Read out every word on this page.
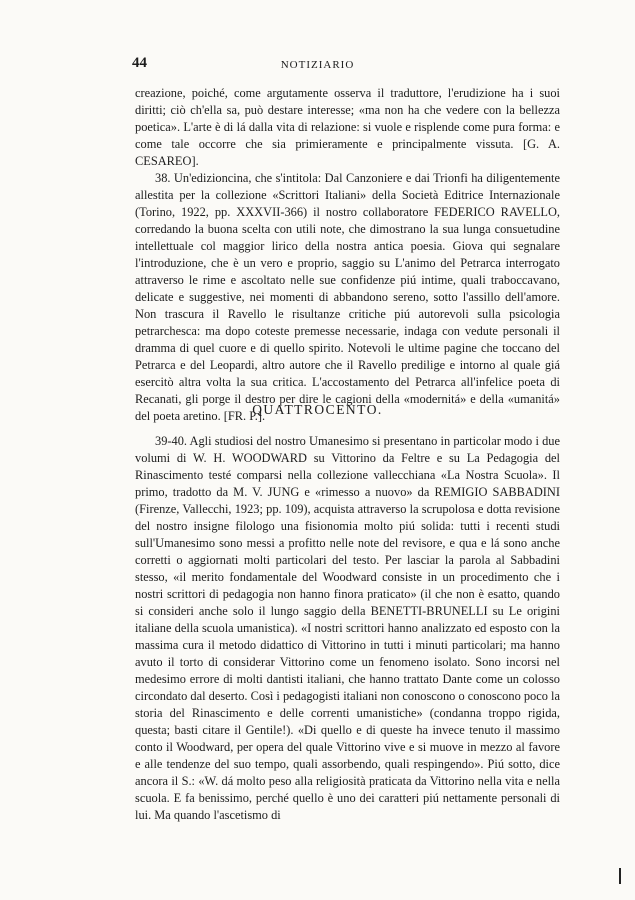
44	NOTIZIARIO

creazione, poiché, come argutamente osserva il traduttore, l'erudizione ha i suoi diritti; ciò ch'ella sa, può destare interesse; «ma non ha che vedere con la bellezza poetica». L'arte è di lá dalla vita di relazione: si vuole e risplende come pura forma: e come tale occorre che sia primieramente e principalmente vissuta. [G. A. CESAREO].

38. Un'edizioncina, che s'intitola: Dal Canzoniere e dai Trionfi ha diligentemente allestita per la collezione «Scrittori Italiani» della Società Editrice Internazionale (Torino, 1922, pp. XXXVII-366) il nostro collaboratore FEDERICO RAVELLO, corredando la buona scelta con utili note, che dimostrano la sua lunga consuetudine intellettuale col maggior lirico della nostra antica poesia. Giova qui segnalare l'introduzione, che è un vero e proprio, saggio su L'animo del Petrarca interrogato attraverso le rime e ascoltato nelle sue confidenze piú intime, quali traboccavano, delicate e suggestive, nei momenti di abbandono sereno, sotto l'assillo dell'amore. Non trascura il Ravello le risultanze critiche piú autorevoli sulla psicologia petrarchesca: ma dopo coteste premesse necessarie, indaga con vedute personali il dramma di quel cuore e di quello spirito. Notevoli le ultime pagine che toccano del Petrarca e del Leopardi, altro autore che il Ravello predilige e intorno al quale giá esercitò altra volta la sua critica. L'accostamento del Petrarca all'infelice poeta di Recanati, gli porge il destro per dire le cagioni della «modernitá» e della «umanitá» del poeta aretino. [FR. P.].

QUATTROCENTO.

39-40. Agli studiosi del nostro Umanesimo si presentano in particolar modo i due volumi di W. H. WOODWARD su Vittorino da Feltre e su La Pedagogia del Rinascimento testé comparsi nella collezione vallecchiana «La Nostra Scuola». Il primo, tradotto da M. V. JUNG e «rimesso a nuovo» da REMIGIO SABBADINI (Firenze, Vallecchi, 1923; pp. 109), acquista attraverso la scrupolosa e dotta revisione del nostro insigne filologo una fisionomia molto piú solida: tutti i recenti studi sull'Umanesimo sono messi a profitto nelle note del revisore, e qua e lá sono anche corretti o aggiornati molti particolari del testo. Per lasciar la parola al Sabbadini stesso, «il merito fondamentale del Woodward consiste in un procedimento che i nostri scrittori di pedagogia non hanno finora praticato» (il che non è esatto, quando si consideri anche solo il lungo saggio della BENETTI-BRUNELLI su Le origini italiane della scuola umanistica). «I nostri scrittori hanno analizzato ed esposto con la massima cura il metodo didattico di Vittorino in tutti i minuti particolari; ma hanno avuto il torto di considerar Vittorino come un fenomeno isolato. Sono incorsi nel medesimo errore di molti dantisti italiani, che hanno trattato Dante come un colosso circondato dal deserto. Così i pedagogisti italiani non conoscono o conoscono poco la storia del Rinascimento e delle correnti umanistiche» (condanna troppo rigida, questa; basti citare il Gentile!). «Di quello e di queste ha invece tenuto il massimo conto il Woodward, per opera del quale Vittorino vive e si muove in mezzo al favore e alle tendenze del suo tempo, quali assorbendo, quali respingendo». Piú sotto, dice ancora il S.: «W. dá molto peso alla religiosità praticata da Vittorino nella vita e nella scuola. E fa benissimo, perché quello è uno dei caratteri piú nettamente personali di lui. Ma quando l'ascetismo di
